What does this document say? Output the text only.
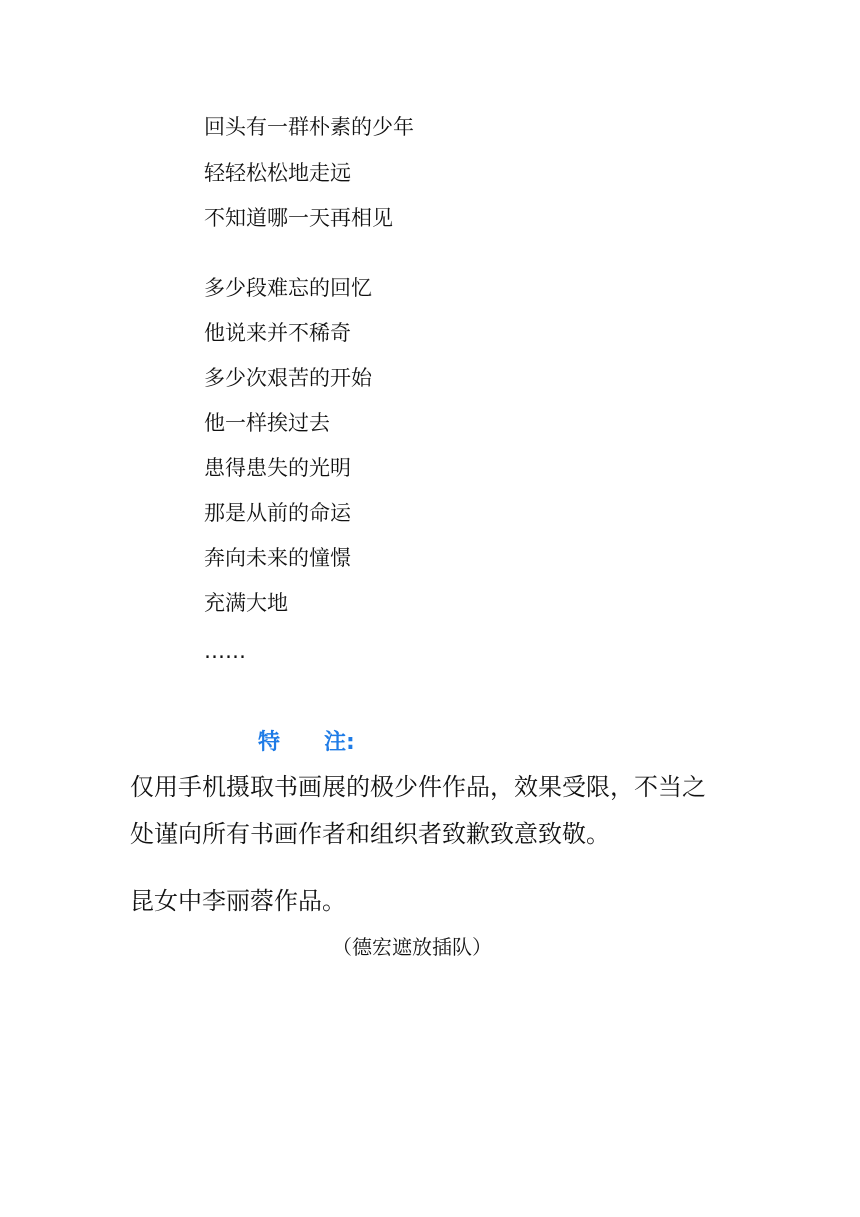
回头有一群朴素的少年
轻轻松松地走远
不知道哪一天再相见
多少段难忘的回忆
他说来并不稀奇
多少次艰苦的开始
他一样挨过去
患得患失的光明
那是从前的命运
奔向未来的憧憬
充满大地
……
特 注:
仅用手机摄取书画展的极少件作品，效果受限，不当之
处谨向所有书画作者和组织者致歉致意致敬。
昆女中李丽蓉作品。
（德宏遮放插队）
